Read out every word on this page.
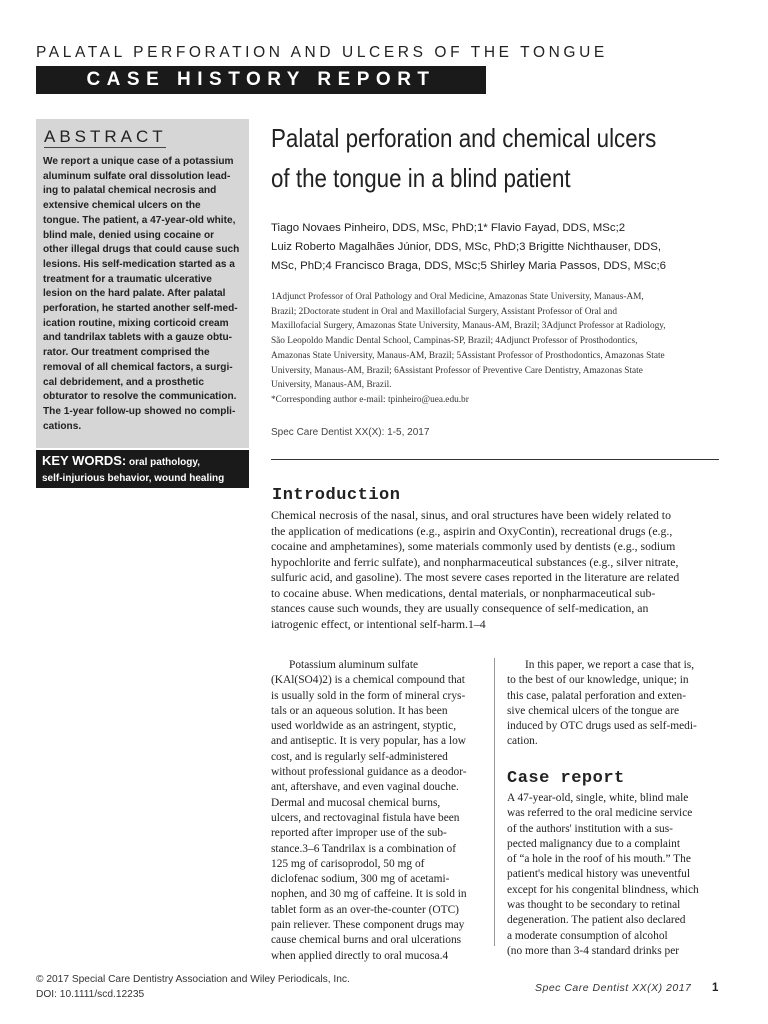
PALATAL PERFORATION AND ULCERS OF THE TONGUE
CASE HISTORY REPORT
ABSTRACT
We report a unique case of a potassium
aluminum sulfate oral dissolution lead-
ing to palatal chemical necrosis and
extensive chemical ulcers on the
tongue. The patient, a 47-year-old white,
blind male, denied using cocaine or
other illegal drugs that could cause such
lesions. His self-medication started as a
treatment for a traumatic ulcerative
lesion on the hard palate. After palatal
perforation, he started another self-med-
ication routine, mixing corticoid cream
and tandrilax tablets with a gauze obtu-
rator. Our treatment comprised the
removal of all chemical factors, a surgi-
cal debridement, and a prosthetic
obturator to resolve the communication.
The 1-year follow-up showed no compli-
cations.
KEY WORDS: oral pathology,
self-injurious behavior, wound healing
Palatal perforation and chemical ulcers
of the tongue in a blind patient
Tiago Novaes Pinheiro, DDS, MSc, PhD;1* Flavio Fayad, DDS, MSc;2
Luiz Roberto Magalhães Júnior, DDS, MSc, PhD;3 Brigitte Nichthauser, DDS,
MSc, PhD;4 Francisco Braga, DDS, MSc;5 Shirley Maria Passos, DDS, MSc;6
1Adjunct Professor of Oral Pathology and Oral Medicine, Amazonas State University, Manaus-AM,
Brazil; 2Doctorate student in Oral and Maxillofacial Surgery, Assistant Professor of Oral and
Maxillofacial Surgery, Amazonas State University, Manaus-AM, Brazil; 3Adjunct Professor at Radiology,
São Leopoldo Mandic Dental School, Campinas-SP, Brazil; 4Adjunct Professor of Prosthodontics,
Amazonas State University, Manaus-AM, Brazil; 5Assistant Professor of Prosthodontics, Amazonas State
University, Manaus-AM, Brazil; 6Assistant Professor of Preventive Care Dentistry, Amazonas State
University, Manaus-AM, Brazil.
*Corresponding author e-mail: tpinheiro@uea.edu.br
Spec Care Dentist XX(X): 1-5, 2017
Introduction
Chemical necrosis of the nasal, sinus, and oral structures have been widely related to
the application of medications (e.g., aspirin and OxyContin), recreational drugs (e.g.,
cocaine and amphetamines), some materials commonly used by dentists (e.g., sodium
hypochlorite and ferric sulfate), and nonpharmaceutical substances (e.g., silver nitrate,
sulfuric acid, and gasoline). The most severe cases reported in the literature are related
to cocaine abuse. When medications, dental materials, or nonpharmaceutical sub-
stances cause such wounds, they are usually consequence of self-medication, an
iatrogenic effect, or intentional self-harm.1–4
Potassium aluminum sulfate
(KAl(SO4)2) is a chemical compound that
is usually sold in the form of mineral crys-
tals or an aqueous solution. It has been
used worldwide as an astringent, styptic,
and antiseptic. It is very popular, has a low
cost, and is regularly self-administered
without professional guidance as a deodor-
ant, aftershave, and even vaginal douche.
Dermal and mucosal chemical burns,
ulcers, and rectovaginal fistula have been
reported after improper use of the sub-
stance.3–6 Tandrilax is a combination of
125 mg of carisoprodol, 50 mg of
diclofenac sodium, 300 mg of acetami-
nophen, and 30 mg of caffeine. It is sold in
tablet form as an over-the-counter (OTC)
pain reliever. These component drugs may
cause chemical burns and oral ulcerations
when applied directly to oral mucosa.4
In this paper, we report a case that is,
to the best of our knowledge, unique; in
this case, palatal perforation and exten-
sive chemical ulcers of the tongue are
induced by OTC drugs used as self-medi-
cation.
Case report
A 47-year-old, single, white, blind male
was referred to the oral medicine service
of the authors' institution with a sus-
pected malignancy due to a complaint
of “a hole in the roof of his mouth.” The
patient's medical history was uneventful
except for his congenital blindness, which
was thought to be secondary to retinal
degeneration. The patient also declared
a moderate consumption of alcohol
(no more than 3-4 standard drinks per
© 2017 Special Care Dentistry Association and Wiley Periodicals, Inc.
DOI: 10.1111/scd.12235	Spec Care Dentist XX(X) 2017 1
